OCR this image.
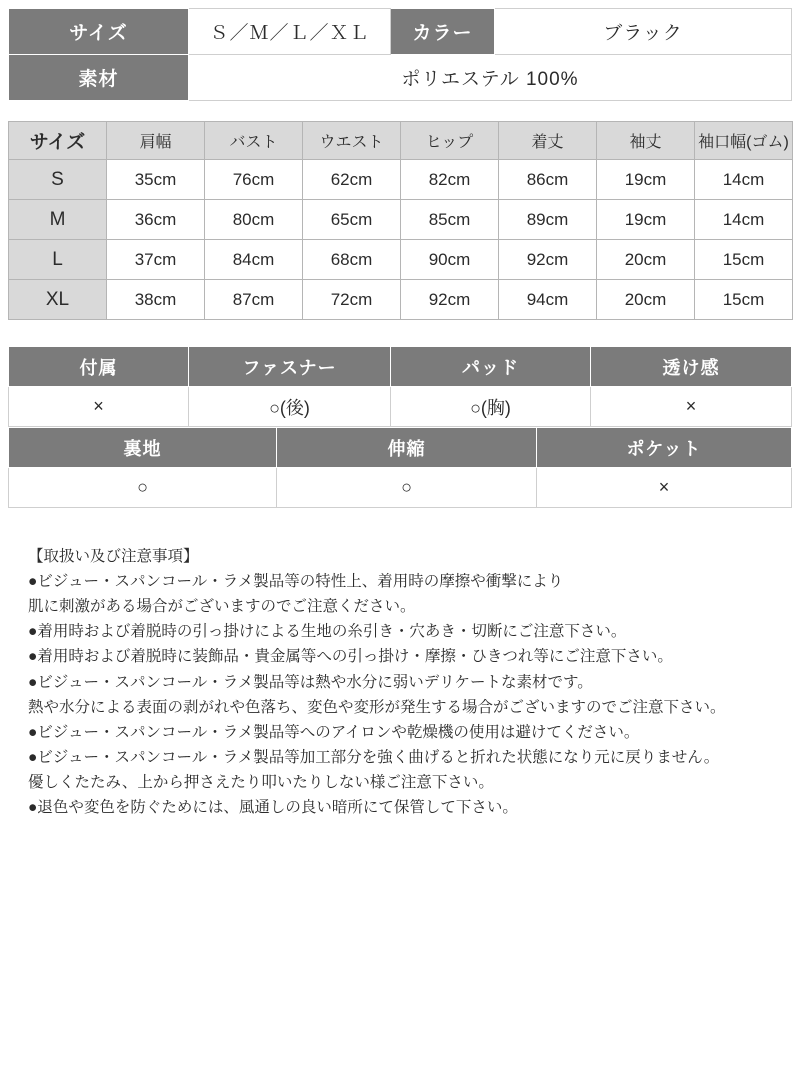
サイズ	Ｓ／Ｍ／Ｌ／ＸＬ	カラー	ブラック
素材	ポリエステル 100%		
サイズ	肩幅	バスト	ウエスト	ヒップ	着丈	袖丈	袖口幅(ゴム)
S	35cm	76cm	62cm	82cm	86cm	19cm	14cm
M	36cm	80cm	65cm	85cm	89cm	19cm	14cm
L	37cm	84cm	68cm	90cm	92cm	20cm	15cm
XL	38cm	87cm	72cm	92cm	94cm	20cm	15cm
付属	ファスナー	パッド	透け感
×	○(後)	○(胸)	×
裏地	伸縮	ポケット
○	○	×
【取扱い及び注意事項】
●ビジュー・スパンコール・ラメ製品等の特性上、着用時の摩擦や衝撃により
肌に刺激がある場合がございますのでご注意ください。
●着用時および着脱時の引っ掛けによる生地の糸引き・穴あき・切断にご注意下さい。
●着用時および着脱時に装飾品・貴金属等への引っ掛け・摩擦・ひきつれ等にご注意下さい。
●ビジュー・スパンコール・ラメ製品等は熱や水分に弱いデリケートな素材です。
熱や水分による表面の剥がれや色落ち、変色や変形が発生する場合がございますのでご注意下さい。
●ビジュー・スパンコール・ラメ製品等へのアイロンや乾燥機の使用は避けてください。
●ビジュー・スパンコール・ラメ製品等加工部分を強く曲げると折れた状態になり元に戻りません。
優しくたたみ、上から押さえたり叩いたりしない様ご注意下さい。
●退色や変色を防ぐためには、風通しの良い暗所にて保管して下さい。
